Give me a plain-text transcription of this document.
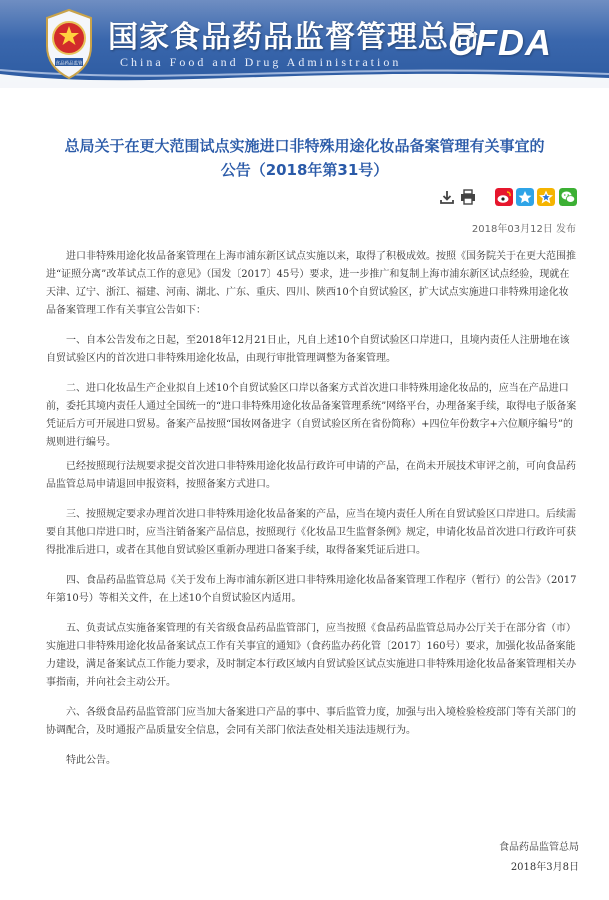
食品药品监管
国家食品药品监督管理总局
China Food and Drug Administration CFDA
总局关于在更大范围试点实施进口非特殊用途化妆品备案管理有关事宜的
公告（2018年第31号）
2018年03月12日 发布

进口非特殊用途化妆品备案管理在上海市浦东新区试点实施以来，取得了积极成效。按照《国务院关于在更大范围推进“证照分离”改革试点工作的意见》（国发〔2017〕45号）要求，进一步推广和复制上海市浦东新区试点经验，现就在天津、辽宁、浙江、福建、河南、湖北、广东、重庆、四川、陕西10个自贸试验区，扩大试点实施进口非特殊用途化妆品备案管理工作有关事宜公告如下：

一、自本公告发布之日起，至2018年12月21日止，凡自上述10个自贸试验区口岸进口，且境内责任人注册地在该自贸试验区内的首次进口非特殊用途化妆品，由现行审批管理调整为备案管理。

二、进口化妆品生产企业拟自上述10个自贸试验区口岸以备案方式首次进口非特殊用途化妆品的，应当在产品进口前，委托其境内责任人通过全国统一的“进口非特殊用途化妆品备案管理系统”网络平台，办理备案手续，取得电子版备案凭证后方可开展进口贸易。备案产品按照“国妆网备进字（自贸试验区所在省份简称）+四位年份数字+六位顺序编号”的规则进行编号。

已经按照现行法规要求提交首次进口非特殊用途化妆品行政许可申请的产品，在尚未开展技术审评之前，可向食品药品监管总局申请退回申报资料，按照备案方式进口。

三、按照规定要求办理首次进口非特殊用途化妆品备案的产品，应当在境内责任人所在自贸试验区口岸进口。后续需要自其他口岸进口时，应当注销备案产品信息，按照现行《化妆品卫生监督条例》规定，申请化妆品首次进口行政许可获得批准后进口，或者在其他自贸试验区重新办理进口备案手续，取得备案凭证后进口。

四、食品药品监管总局《关于发布上海市浦东新区进口非特殊用途化妆品备案管理工作程序（暂行）的公告》（2017年第10号）等相关文件，在上述10个自贸试验区内适用。

五、负责试点实施备案管理的有关省级食品药品监管部门，应当按照《食品药品监管总局办公厅关于在部分省（市）实施进口非特殊用途化妆品备案试点工作有关事宜的通知》（食药监办药化管〔2017〕160号）要求，加强化妆品备案能力建设，满足备案试点工作能力要求，及时制定本行政区域内自贸试验区试点实施进口非特殊用途化妆品备案管理相关办事指南，并向社会主动公开。

六、各级食品药品监管部门应当加大备案进口产品的事中、事后监管力度，加强与出入境检验检疫部门等有关部门的协调配合，及时通报产品质量安全信息，会同有关部门依法查处相关违法违规行为。

特此公告。

食品药品监管总局
2018年3月8日
